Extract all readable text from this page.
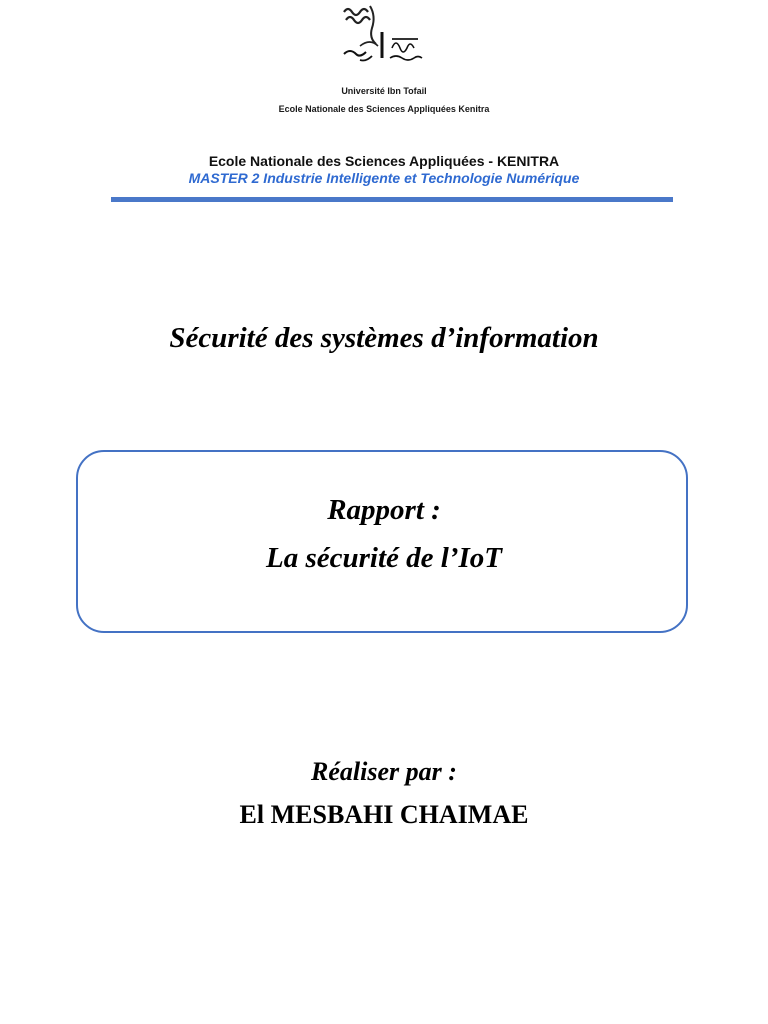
Université Ibn Tofail
Ecole Nationale des Sciences Appliquées Kenitra
Ecole Nationale des Sciences Appliquées - KENITRA
MASTER 2 Industrie Intelligente et Technologie Numérique
Sécurité des systèmes d’information
Rapport :
La sécurité de l’IoT
Réaliser par :
El MESBAHI CHAIMAE
